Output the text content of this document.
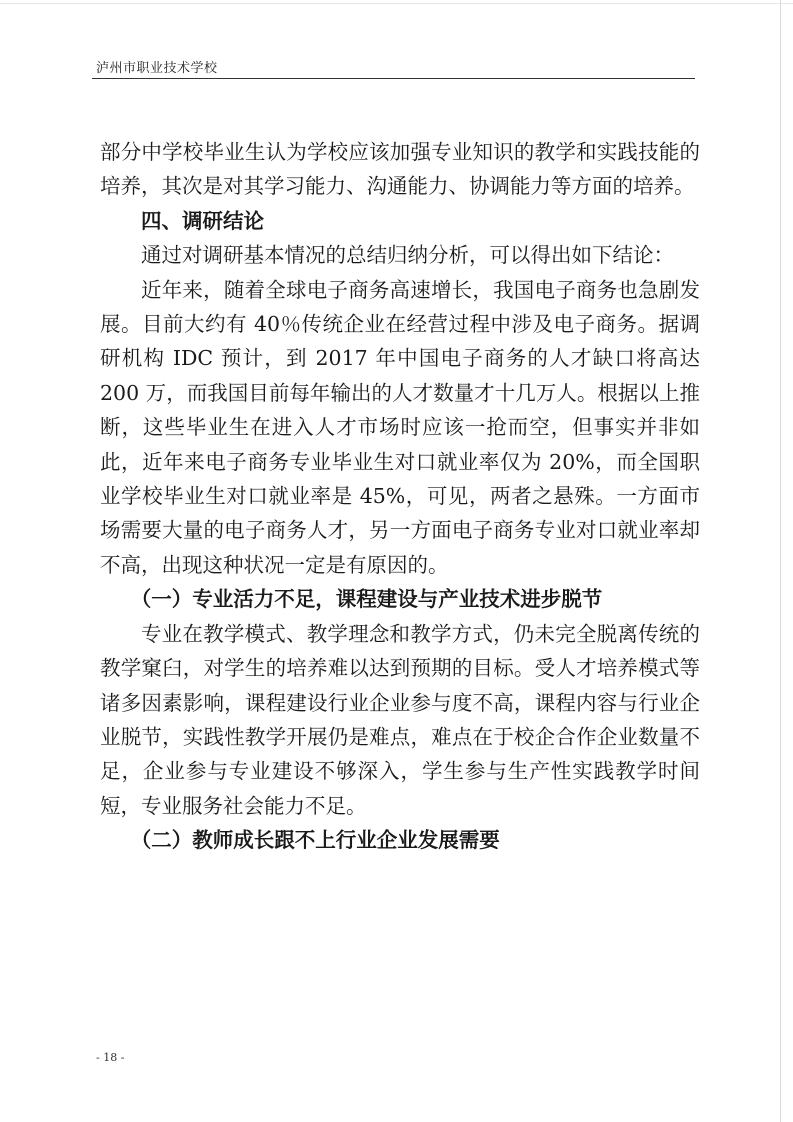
泸州市职业技术学校

部分中学校毕业生认为学校应该加强专业知识的教学和实践技能的培养，其次是对其学习能力、沟通能力、协调能力等方面的培养。

四、调研结论

通过对调研基本情况的总结归纳分析，可以得出如下结论：

近年来，随着全球电子商务高速增长，我国电子商务也急剧发展。目前大约有 40％传统企业在经营过程中涉及电子商务。据调研机构 IDC 预计，到 2017 年中国电子商务的人才缺口将高达 200 万，而我国目前每年输出的人才数量才十几万人。根据以上推断，这些毕业生在进入人才市场时应该一抢而空，但事实并非如此，近年来电子商务专业毕业生对口就业率仅为 20%，而全国职业学校毕业生对口就业率是 45%，可见，两者之悬殊。一方面市场需要大量的电子商务人才，另一方面电子商务专业对口就业率却不高，出现这种状况一定是有原因的。

（一）专业活力不足，课程建设与产业技术进步脱节

专业在教学模式、教学理念和教学方式，仍未完全脱离传统的教学窠臼，对学生的培养难以达到预期的目标。受人才培养模式等诸多因素影响，课程建设行业企业参与度不高，课程内容与行业企业脱节，实践性教学开展仍是难点，难点在于校企合作企业数量不足，企业参与专业建设不够深入，学生参与生产性实践教学时间短，专业服务社会能力不足。

（二）教师成长跟不上行业企业发展需要
- 18 -
